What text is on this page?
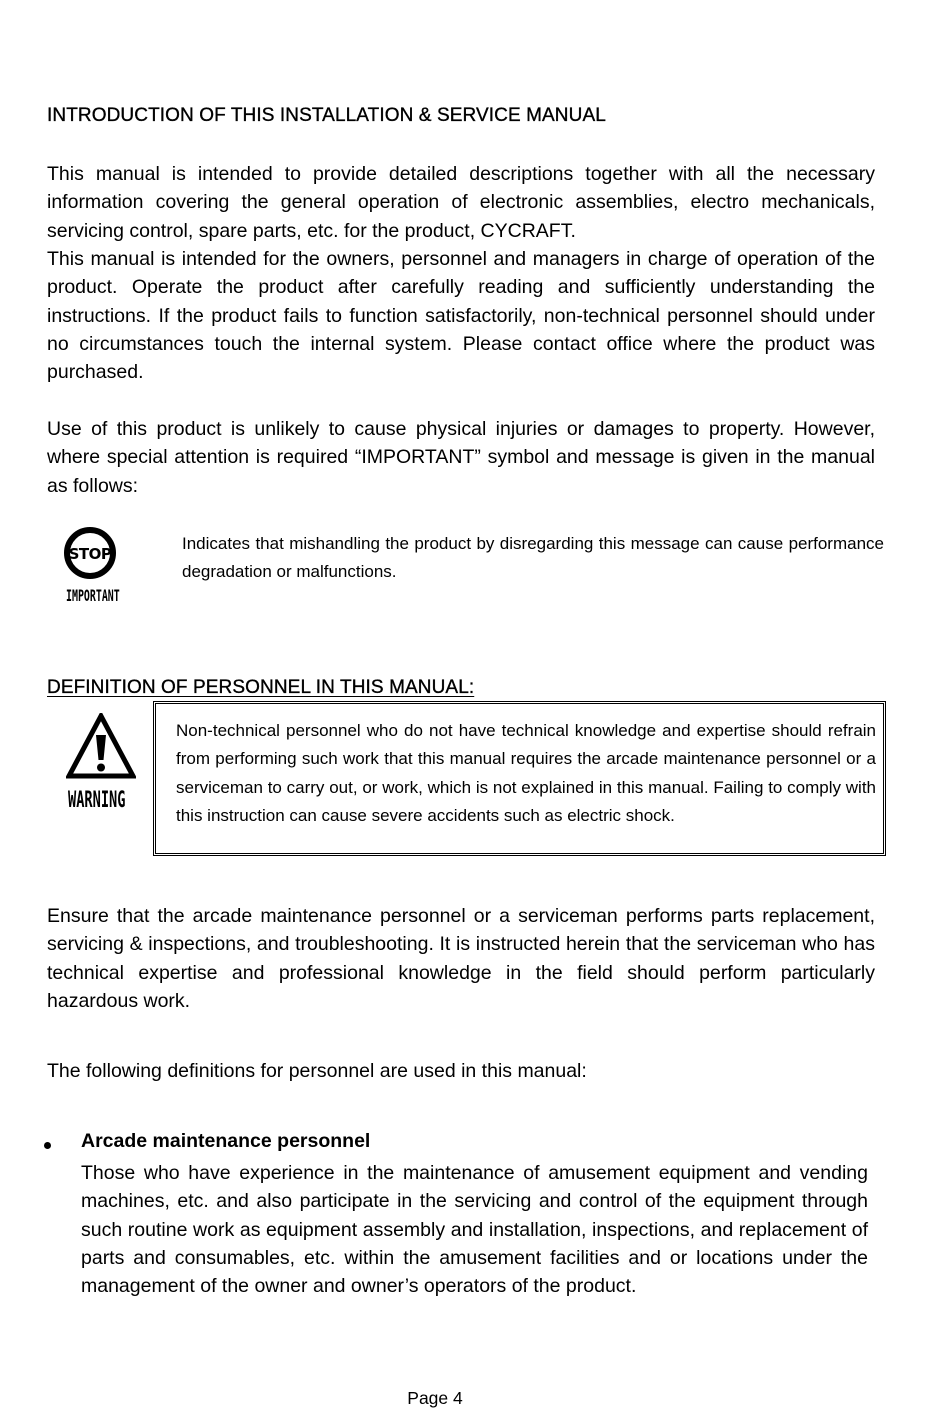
INTRODUCTION OF THIS INSTALLATION & SERVICE MANUAL
This manual is intended to provide detailed descriptions together with all the necessary information covering the general operation of electronic assemblies, electro mechanicals, servicing control, spare parts, etc. for the product, CYCRAFT.
This manual is intended for the owners, personnel and managers in charge of operation of the product. Operate the product after carefully reading and sufficiently understanding the instructions. If the product fails to function satisfactorily, non-technical personnel should under no circumstances touch the internal system. Please contact office where the product was purchased.
Use of this product is unlikely to cause physical injuries or damages to property. However, where special attention is required “IMPORTANT” symbol and message is given in the manual as follows:
STOP
IMPORTANT
Indicates that mishandling the product by disregarding this message can cause performance degradation or malfunctions.
DEFINITION OF PERSONNEL IN THIS MANUAL:
WARNING
Non-technical personnel who do not have technical knowledge and expertise should refrain from performing such work that this manual requires the arcade maintenance personnel or a serviceman to carry out, or work, which is not explained in this manual. Failing to comply with this instruction can cause severe accidents such as electric shock.
Ensure that the arcade maintenance personnel or a serviceman performs parts replacement, servicing & inspections, and troubleshooting. It is instructed herein that the serviceman who has technical expertise and professional knowledge in the field should perform particularly hazardous work.
The following definitions for personnel are used in this manual:
Arcade maintenance personnel
Those who have experience in the maintenance of amusement equipment and vending machines, etc. and also participate in the servicing and control of the equipment through such routine work as equipment assembly and installation, inspections, and replacement of parts and consumables, etc. within the amusement facilities and or locations under the management of the owner and owner’s operators of the product.
Page 4
